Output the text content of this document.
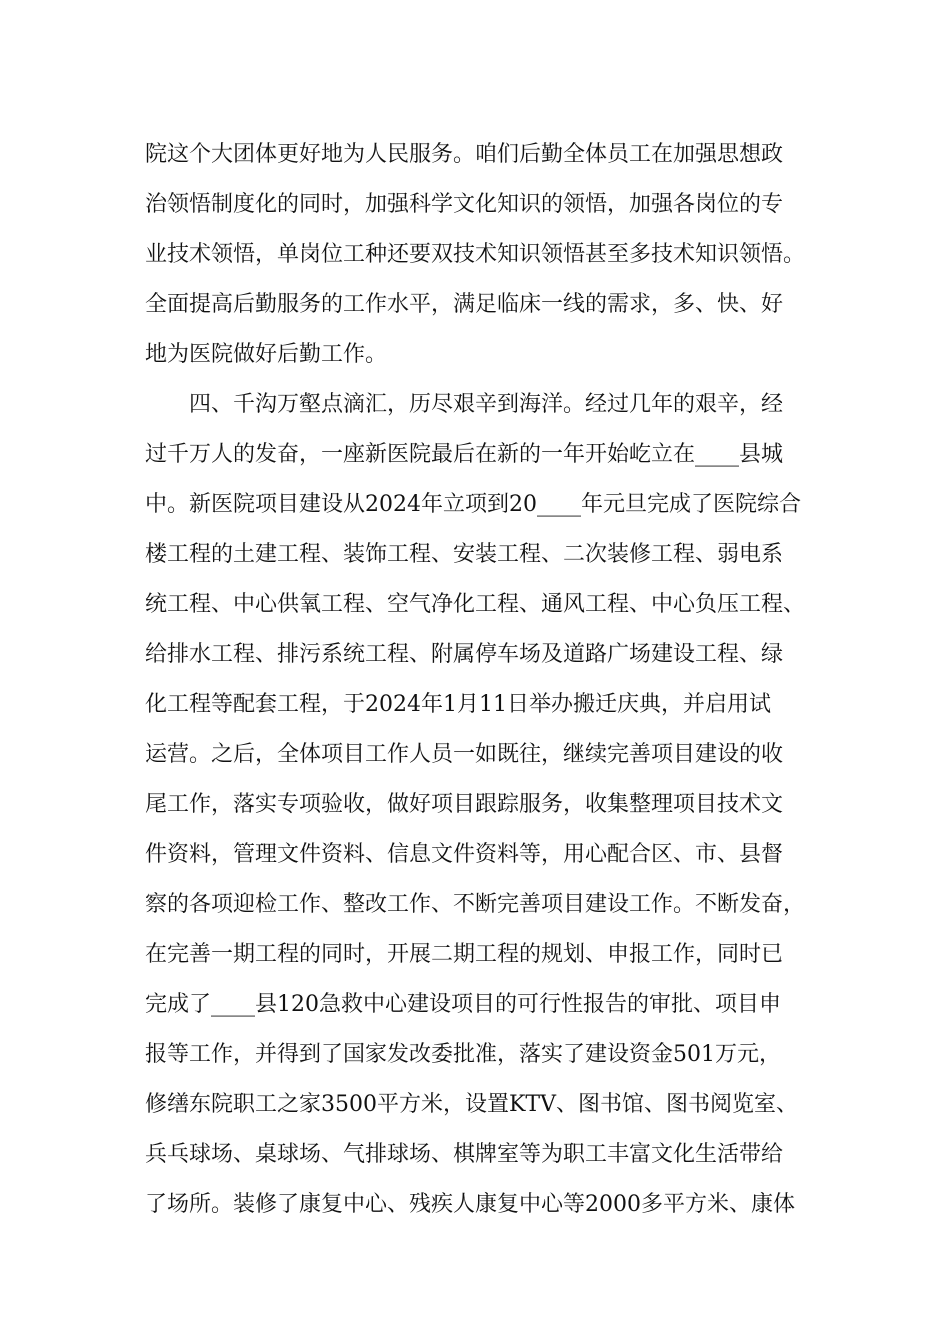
院这个大团体更好地为人民服务。咱们后勤全体员工在加强思想政
治领悟制度化的同时，加强科学文化知识的领悟，加强各岗位的专
业技术领悟，单岗位工种还要双技术知识领悟甚至多技术知识领悟。
全面提高后勤服务的工作水平，满足临床一线的需求，多、快、好
地为医院做好后勤工作。
四、千沟万壑点滴汇，历尽艰辛到海洋。经过几年的艰辛，经
过千万人的发奋，一座新医院最后在新的一年开始屹立在____县城
中。新医院项目建设从2024年立项到20____年元旦完成了医院综合
楼工程的土建工程、装饰工程、安装工程、二次装修工程、弱电系
统工程、中心供氧工程、空气净化工程、通风工程、中心负压工程、
给排水工程、排污系统工程、附属停车场及道路广场建设工程、绿
化工程等配套工程，于2024年1月11日举办搬迁庆典，并启用试
运营。之后，全体项目工作人员一如既往，继续完善项目建设的收
尾工作，落实专项验收，做好项目跟踪服务，收集整理项目技术文
件资料，管理文件资料、信息文件资料等，用心配合区、市、县督
察的各项迎检工作、整改工作、不断完善项目建设工作。不断发奋，
在完善一期工程的同时，开展二期工程的规划、申报工作，同时已
完成了____县120急救中心建设项目的可行性报告的审批、项目申
报等工作，并得到了国家发改委批准，落实了建设资金501万元，
修缮东院职工之家3500平方米，设置KTV、图书馆、图书阅览室、
兵乓球场、桌球场、气排球场、棋牌室等为职工丰富文化生活带给
了场所。装修了康复中心、残疾人康复中心等2000多平方米、康体
